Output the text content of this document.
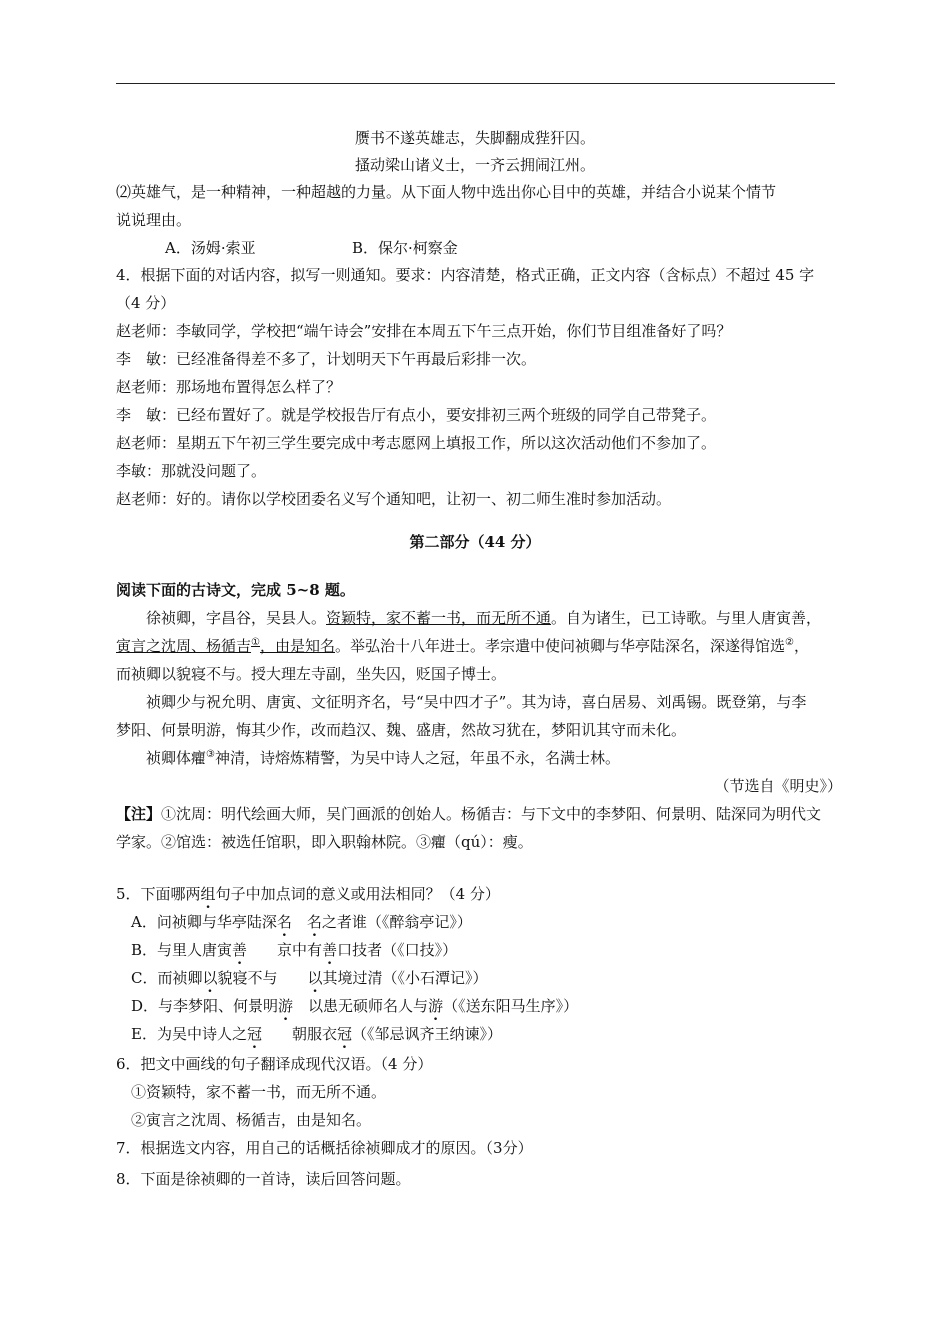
赝书不遂英雄志，失脚翻成狴犴囚。
搔动梁山诸义士，一齐云拥闹江州。
⑵英雄气，是一种精神，一种超越的力量。从下面人物中选出你心目中的英雄，并结合小说某个情节
说说理由。
A．汤姆·索亚	B．保尔·柯察金
4．根据下面的对话内容，拟写一则通知。要求：内容清楚，格式正确，正文内容（含标点）不超过 45 字
（4 分）
赵老师：李敏同学，学校把“端午诗会”安排在本周五下午三点开始，你们节目组准备好了吗？
李　敏：已经准备得差不多了，计划明天下午再最后彩排一次。
赵老师：那场地布置得怎么样了？
李　敏：已经布置好了。就是学校报告厅有点小，要安排初三两个班级的同学自己带凳子。
赵老师：星期五下午初三学生要完成中考志愿网上填报工作，所以这次活动他们不参加了。
李敏：那就没问题了。
赵老师：好的。请你以学校团委名义写个通知吧，让初一、初二师生准时参加活动。
第二部分（44 分）
阅读下面的古诗文，完成 5~8 题。
徐祯卿，字昌谷，吴县人。资颖特，家不蓄一书，而无所不通。自为诸生，已工诗歌。与里人唐寅善，
寅言之沈周、杨循吉①，由是知名。举弘治十八年进士。孝宗遣中使问祯卿与华亭陆深名，深遂得馆选②，
而祯卿以貌寝不与。授大理左寺副，坐失囚，贬国子博士。
祯卿少与祝允明、唐寅、文征明齐名，号“吴中四才子”。其为诗，喜白居易、刘禹锡。既登第，与李
梦阳、何景明游，悔其少作，改而趋汉、魏、盛唐，然故习犹在，梦阳讥其守而未化。
祯卿体癯③神清，诗熔炼精警，为吴中诗人之冠，年虽不永，名满士林。
（节选自《明史》）
【注】①沈周：明代绘画大师，吴门画派的创始人。杨循吉：与下文中的李梦阳、何景明、陆深同为明代文
学家。②馆选：被选任馆职，即入职翰林院。③癯（qú）：瘦。
5．下面哪两组句子中加点词的意义或用法相同？（4 分）
A．问祯卿与华亭陆深名　 名之者谁（《醉翁亭记》）
B．与里人唐寅善　　京中有善口技者（《口技》）
C．而祯卿以貌寝不与　　以其境过清（《小石潭记》）
D．与李梦阳、何景明游　以患无硕师名人与游（《送东阳马生序》）
E．为吴中诗人之冠　　朝服衣冠（《邹忌讽齐王纳谏》）
6．把文中画线的句子翻译成现代汉语。（4 分）
①资颖特，家不蓄一书，而无所不通。
②寅言之沈周、杨循吉，由是知名。
7．根据选文内容，用自己的话概括徐祯卿成才的原因。（3分）
8．下面是徐祯卿的一首诗，读后回答问题。
